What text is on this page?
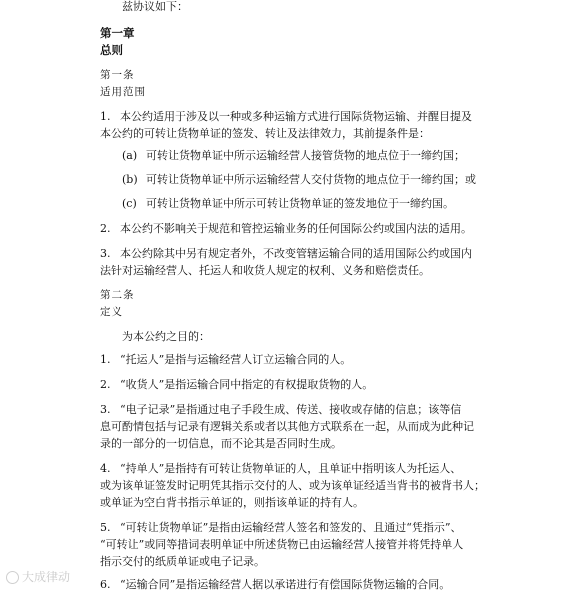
兹协议如下：
第一章
总则
第一条
适用范围
1. 本公约适用于涉及以一种或多种运输方式进行国际货物运输、并醒目提及
本公约的可转让货物单证的签发、转让及法律效力，其前提条件是：
(a) 可转让货物单证中所示运输经营人接管货物的地点位于一缔约国；
(b) 可转让货物单证中所示运输经营人交付货物的地点位于一缔约国；或
(c) 可转让货物单证中所示可转让货物单证的签发地位于一缔约国。
2. 本公约不影响关于规范和管控运输业务的任何国际公约或国内法的适用。
3. 本公约除其中另有规定者外，不改变管辖运输合同的适用国际公约或国内
法针对运输经营人、托运人和收货人规定的权利、义务和赔偿责任。
第二条
定义
为本公约之目的：
1. “托运人”是指与运输经营人订立运输合同的人。
2. “收货人”是指运输合同中指定的有权提取货物的人。
3. “电子记录”是指通过电子手段生成、传送、接收或存储的信息；该等信
息可酌情包括与记录有逻辑关系或者以其他方式联系在一起，从而成为此种记
录的一部分的一切信息，而不论其是否同时生成。
4. “持单人”是指持有可转让货物单证的人，且单证中指明该人为托运人、
或为该单证签发时记明凭其指示交付的人、或为该单证经适当背书的被背书人；
或单证为空白背书指示单证的，则指该单证的持有人。
5. “可转让货物单证”是指由运输经营人签名和签发的、且通过“凭指示”、
“可转让”或同等措词表明单证中所述货物已由运输经营人接管并将凭持单人
指示交付的纸质单证或电子记录。
6. “运输合同”是指运输经营人据以承诺进行有偿国际货物运输的合同。
大成律动
